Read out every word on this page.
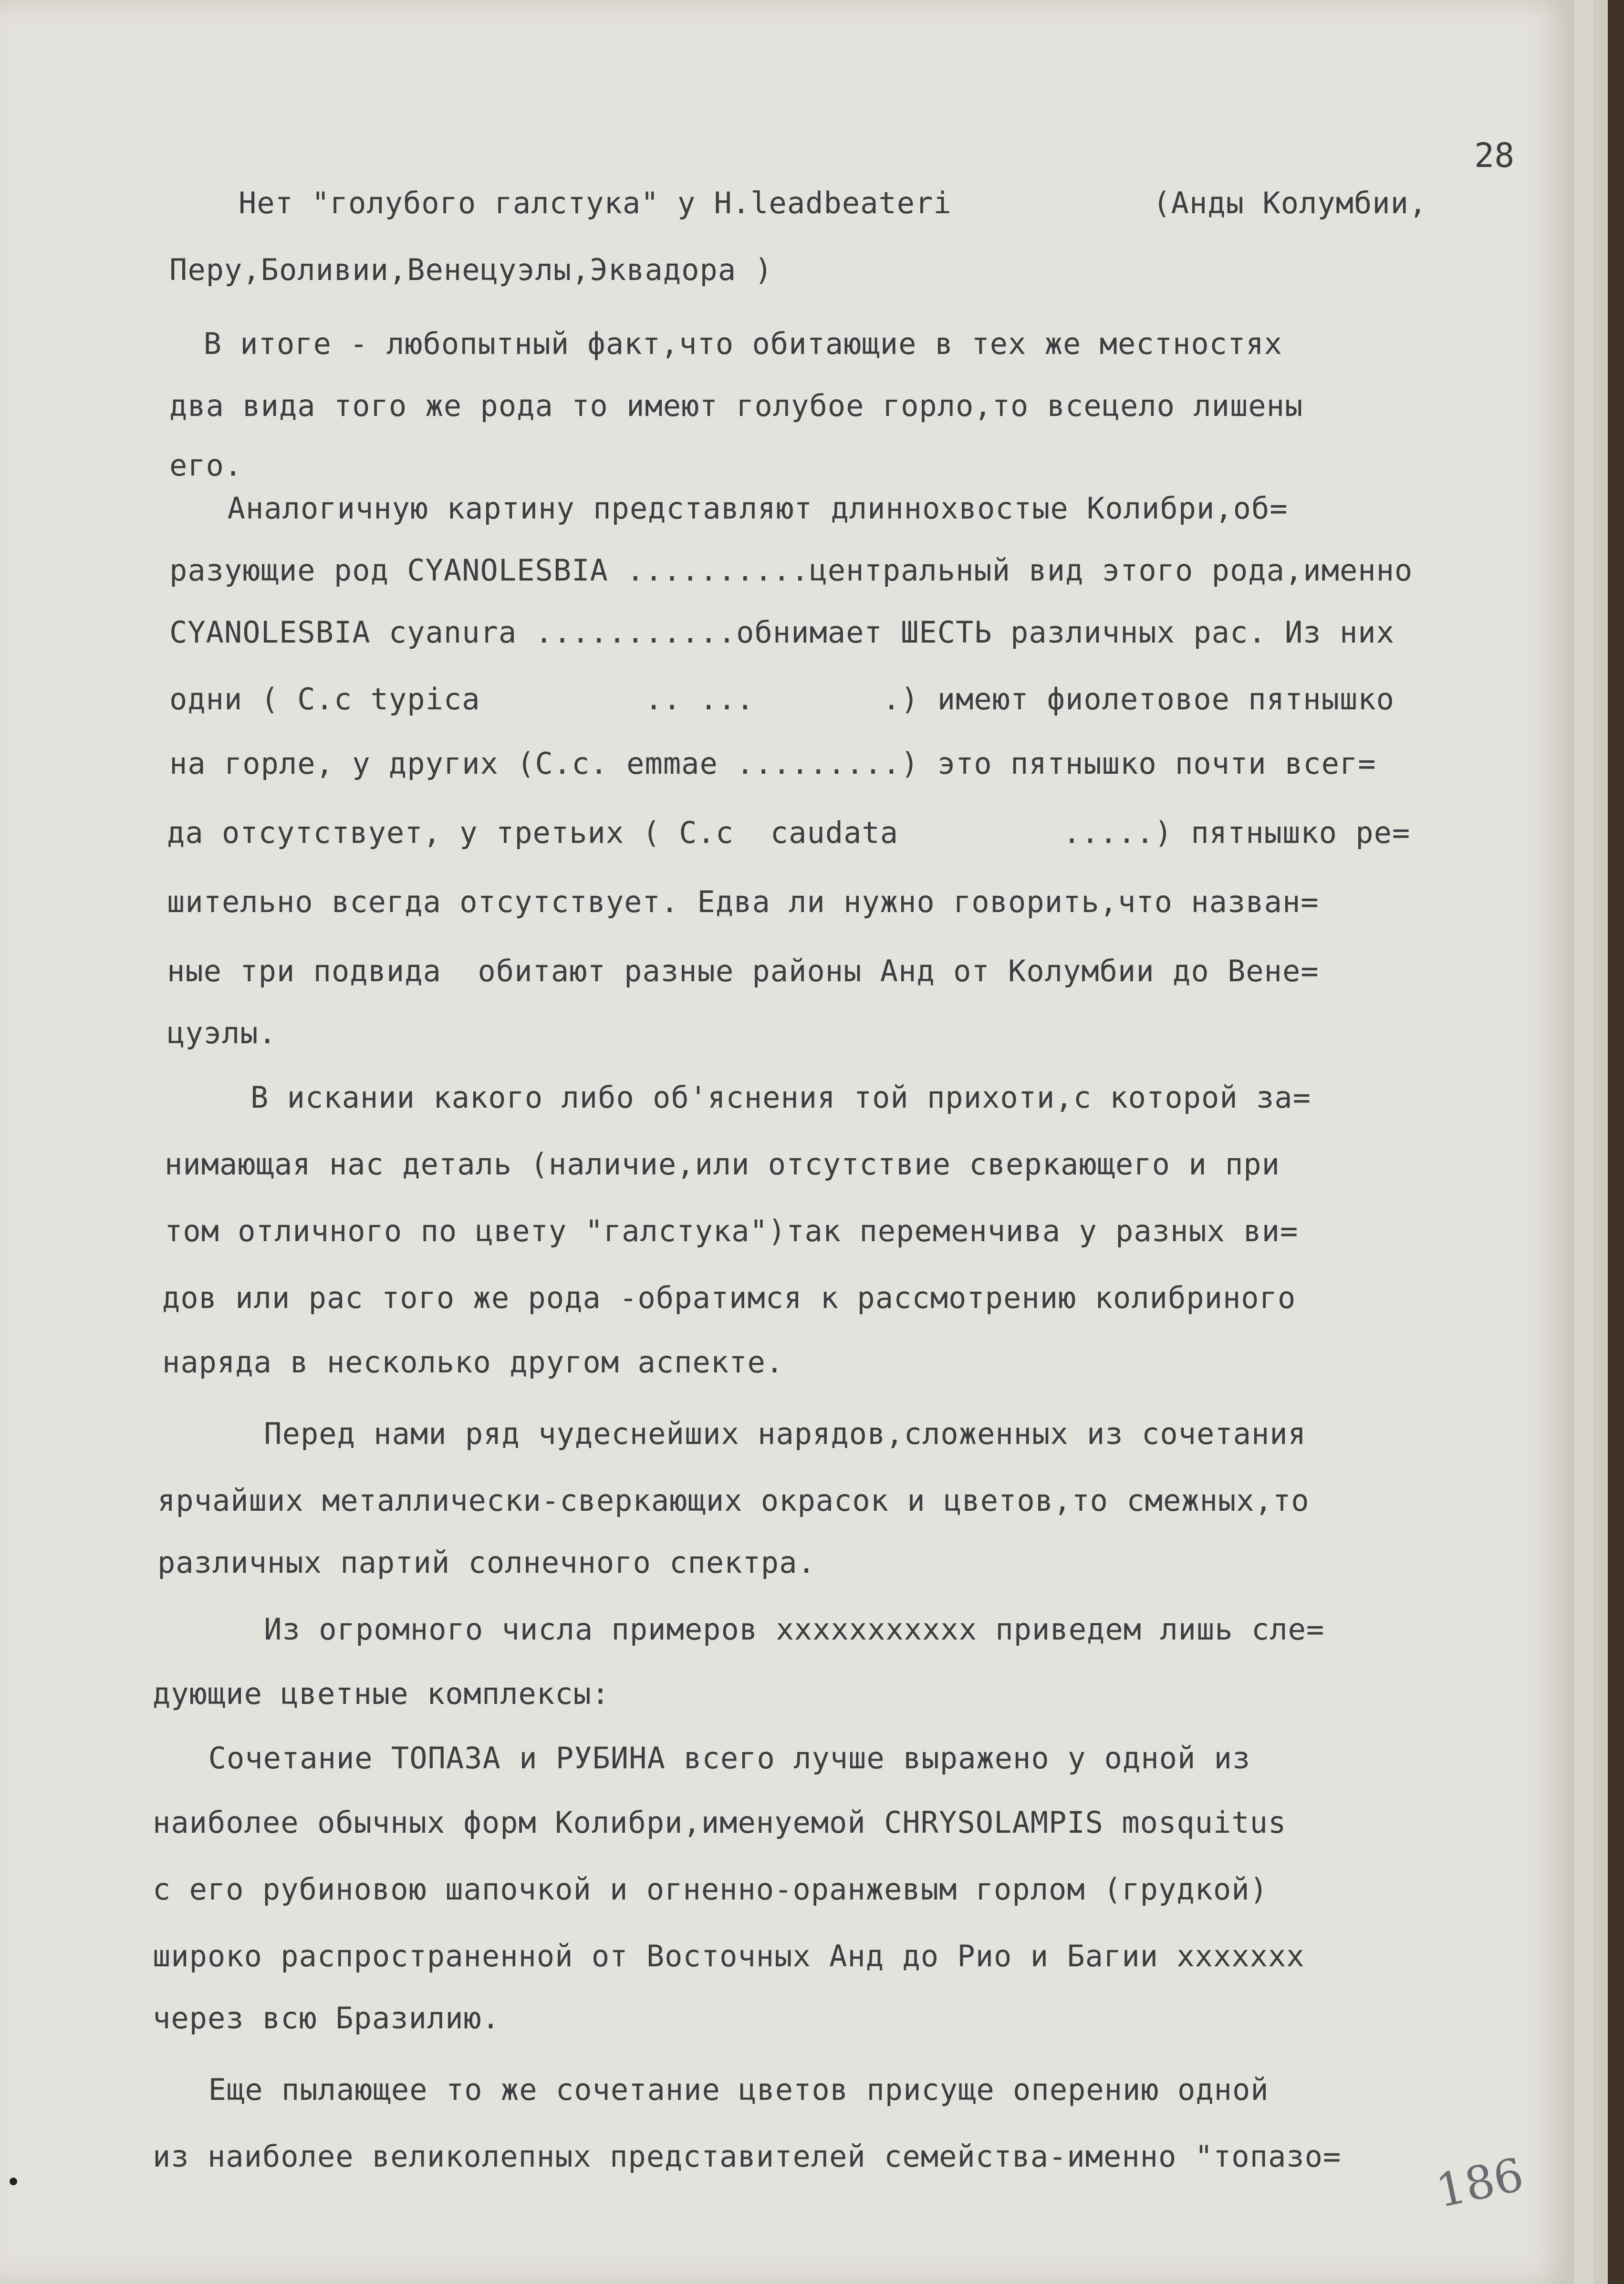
28
Нет "голубого галстука" у H.leadbeateri           (Анды Колумбии,
Перу,Боливии,Венецуэлы,Эквадора )
В итоге - любопытный факт,что обитающие в тех же местностях
два вида того же рода то имеют голубое горло,то всецело лишены
его.
Аналогичную картину представляют длиннохвостые Колибри,об=
разующие род CYANOLESBIA ..........центральный вид этого рода,именно
CYANOLESBIA cyanura ...........обнимает ШЕСТЬ различных рас. Из них
одни ( C.c typica         .. ...       .) имеют фиолетовое пятнышко
на горле, у других (C.c. emmae .........) это пятнышко почти всег=
да отсутствует, у третьих ( C.c  caudata         .....) пятнышко ре=
шительно всегда отсутствует. Едва ли нужно говорить,что назван=
ные три подвида  обитают разные районы Анд от Колумбии до Вене=
цуэлы.
В искании какого либо об'яснения той прихоти,с которой за=
нимающая нас деталь (наличие,или отсутствие сверкающего и при
том отличного по цвету "галстука")так переменчива у разных ви=
дов или рас того же рода -обратимся к рассмотрению колибриного
наряда в несколько другом аспекте.
Перед нами ряд чудеснейших нарядов,сложенных из сочетания
ярчайших металлически-сверкающих окрасок и цветов,то смежных,то
различных партий солнечного спектра.
Из огромного числа примеров xxxxxxxxxxx приведем лишь сле=
дующие цветные комплексы:
Сочетание ТОПАЗА и РУБИНА всего лучше выражено у одной из
наиболее обычных форм Колибри,именуемой CHRYSOLAMPIS mosquitus
с его рубиновою шапочкой и огненно-оранжевым горлом (грудкой)
широко распространенной от Восточных Анд до Рио и Багии xxxxxxx
через всю Бразилию.
Еще пылающее то же сочетание цветов присуще оперению одной
из наиболее великолепных представителей семейства-именно "топазо= 186
